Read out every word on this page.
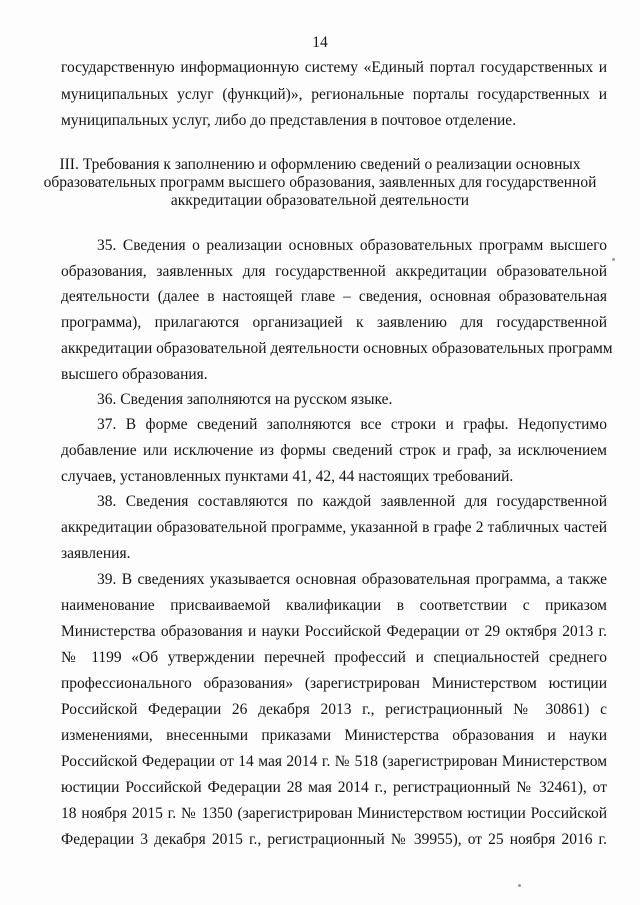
14
государственную информационную систему «Единый портал государственных и
муниципальных услуг (функций)», региональные порталы государственных и
муниципальных услуг, либо до представления в почтовое отделение.
III. Требования к заполнению и оформлению сведений о реализации основных
образовательных программ высшего образования, заявленных для государственной
аккредитации образовательной деятельности
35. Сведения о реализации основных образовательных программ высшего
образования, заявленных для государственной аккредитации образовательной
деятельности (далее в настоящей главе – сведения, основная образовательная
программа), прилагаются организацией к заявлению для государственной
аккредитации образовательной деятельности основных образовательных программ
высшего образования.
36. Сведения заполняются на русском языке.
37. В форме сведений заполняются все строки и графы. Недопустимо
добавление или исключение из формы сведений строк и граф, за исключением
случаев, установленных пунктами 41, 42, 44 настоящих требований.
38. Сведения составляются по каждой заявленной для государственной
аккредитации образовательной программе, указанной в графе 2 табличных частей
заявления.
39. В сведениях указывается основная образовательная программа, а также
наименование присваиваемой квалификации в соответствии с приказом
Министерства образования и науки Российской Федерации от 29 октября 2013 г.
№ 1199 «Об утверждении перечней профессий и специальностей среднего
профессионального образования» (зарегистрирован Министерством юстиции
Российской Федерации 26 декабря 2013 г., регистрационный № 30861) с
изменениями, внесенными приказами Министерства образования и науки
Российской Федерации от 14 мая 2014 г. № 518 (зарегистрирован Министерством
юстиции Российской Федерации 28 мая 2014 г., регистрационный № 32461), от
18 ноября 2015 г. № 1350 (зарегистрирован Министерством юстиции Российской
Федерации 3 декабря 2015 г., регистрационный № 39955), от 25 ноября 2016 г.
